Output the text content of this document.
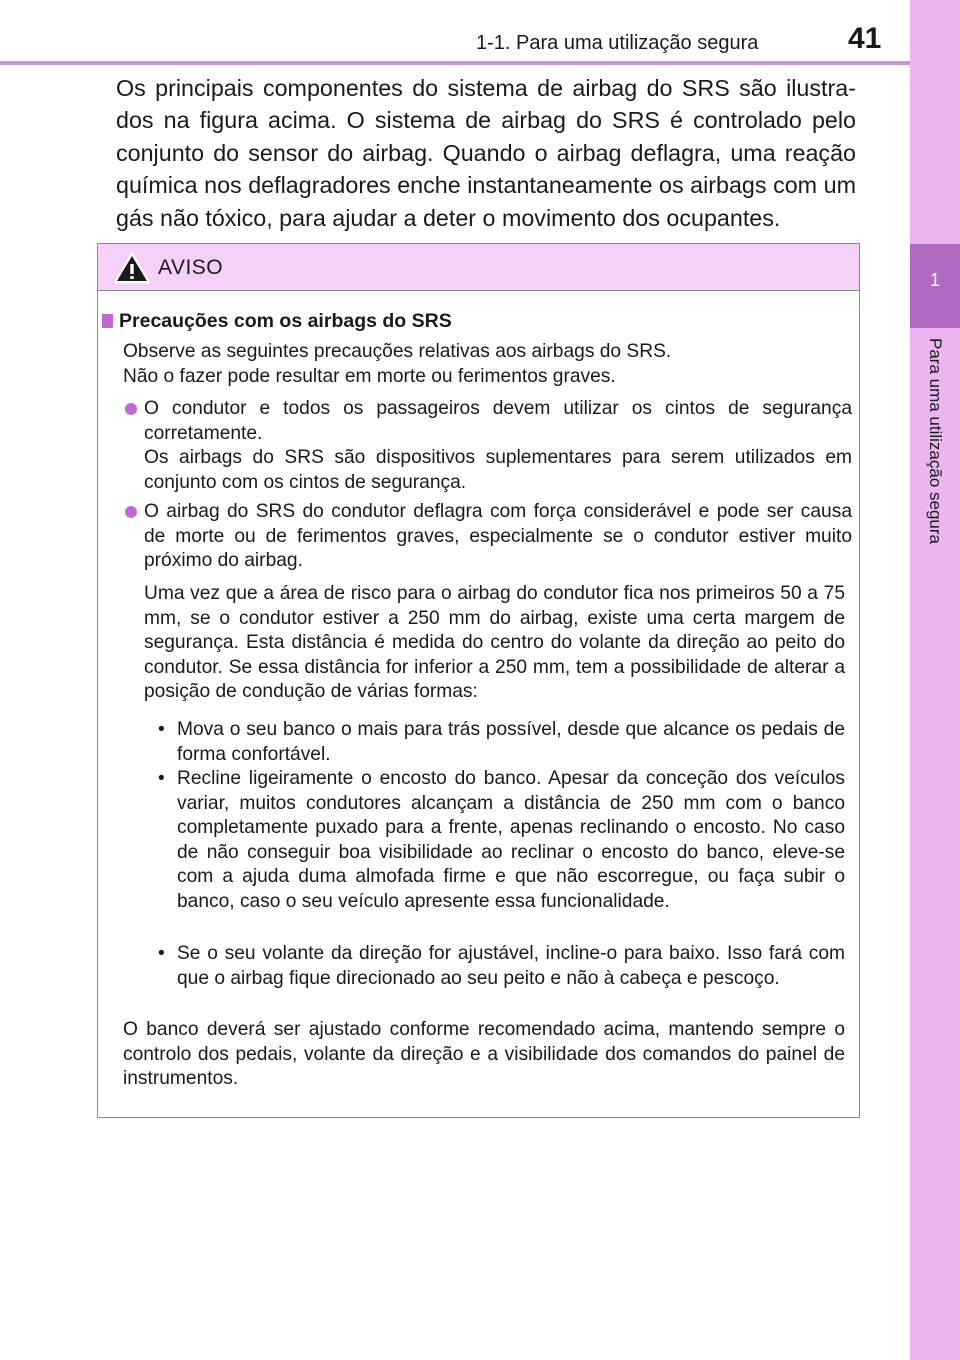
1-1. Para uma utilização segura	41
1
Para uma utilização segura

Os principais componentes do sistema de airbag do SRS são ilustra-dos na figura acima. O sistema de airbag do SRS é controlado pelo conjunto do sensor do airbag. Quando o airbag deflagra, uma reação química nos deflagradores enche instantaneamente os airbags com um gás não tóxico, para ajudar a deter o movimento dos ocupantes.

AVISO
Precauções com os airbags do SRS

Observe as seguintes precauções relativas aos airbags do SRS.

Não o fazer pode resultar em morte ou ferimentos graves.

O condutor e todos os passageiros devem utilizar os cintos de segurança corretamente.

Os airbags do SRS são dispositivos suplementares para serem utilizados em conjunto com os cintos de segurança.

O airbag do SRS do condutor deflagra com força considerável e pode ser causa de morte ou de ferimentos graves, especialmente se o condutor estiver muito próximo do airbag.

Uma vez que a área de risco para o airbag do condutor fica nos primeiros 50 a 75 mm, se o condutor estiver a 250 mm do airbag, existe uma certa margem de segurança. Esta distância é medida do centro do volante da direção ao peito do condutor. Se essa distância for inferior a 250 mm, tem a possibilidade de alterar a posição de condução de várias formas:

• Mova o seu banco o mais para trás possível, desde que alcance os pedais de forma confortável.

• Recline ligeiramente o encosto do banco. Apesar da conceção dos veículos variar, muitos condutores alcançam a distância de 250 mm com o banco completamente puxado para a frente, apenas reclinando o encosto. No caso de não conseguir boa visibilidade ao reclinar o encosto do banco, eleve-se com a ajuda duma almofada firme e que não escorregue, ou faça subir o banco, caso o seu veículo apresente essa funcionalidade.

• Se o seu volante da direção for ajustável, incline-o para baixo. Isso fará com que o airbag fique direcionado ao seu peito e não à cabeça e pescoço.

O banco deverá ser ajustado conforme recomendado acima, mantendo sempre o controlo dos pedais, volante da direção e a visibilidade dos comandos do painel de instrumentos.
